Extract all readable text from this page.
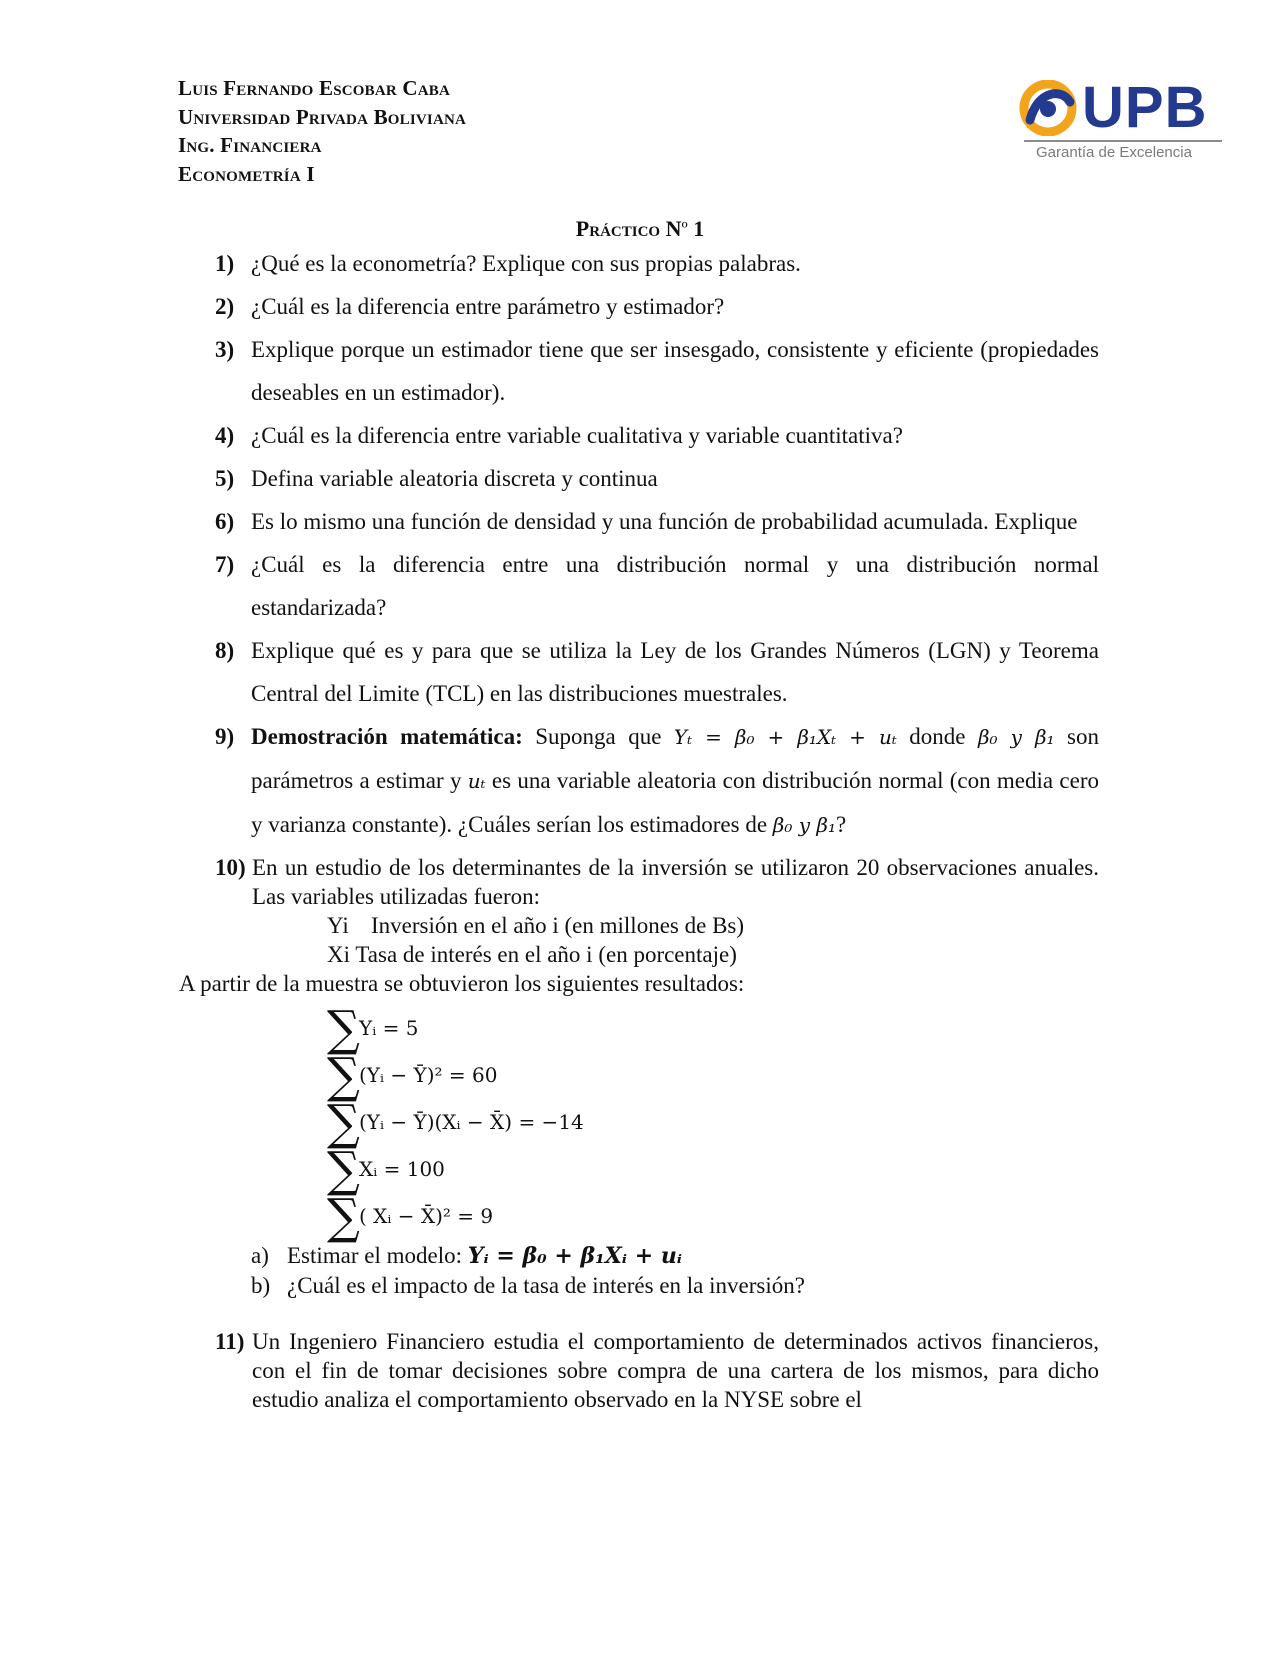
Luis Fernando Escobar Caba
Universidad Privada Boliviana
Ing. Financiera
Econometría I
UPB
Garantía de Excelencia
Práctico $N^o$ 1
1) ¿Qué es la econometría? Explique con sus propias palabras.
2) ¿Cuál es la diferencia entre parámetro y estimador?
3) Explique porque un estimador tiene que ser insesgado, consistente y eficiente (propiedades deseables en un estimador).
4) ¿Cuál es la diferencia entre variable cualitativa y variable cuantitativa?
5) Defina variable aleatoria discreta y continua
6) Es lo mismo una función de densidad y una función de probabilidad acumulada. Explique
7) ¿Cuál es la diferencia entre una distribución normal y una distribución normal estandarizada?
8) Explique qué es y para que se utiliza la Ley de los Grandes Números (LGN) y Teorema Central del Limite (TCL) en las distribuciones muestrales.
9) Demostración matemática: Suponga que Yₜ = β₀ + β₁Xₜ + uₜ donde β₀ y β₁ son parámetros a estimar y uₜ es una variable aleatoria con distribución normal (con media cero y varianza constante). ¿Cuáles serían los estimadores de β₀ y β₁?
10) En un estudio de los determinantes de la inversión se utilizaron 20 observaciones anuales. Las variables utilizadas fueron:
Yi Inversión en el año i (en millones de Bs)
Xi Tasa de interés en el año i (en porcentaje)
A partir de la muestra se obtuvieron los siguientes resultados:
∑ Yᵢ = 5
∑ (Yᵢ − Ȳ)² = 60
∑ (Yᵢ − Ȳ)(Xᵢ − X̄) = −14
∑ Xᵢ = 100
∑ ( Xᵢ − X̄)² = 9
a) Estimar el modelo: Yᵢ = β₀ + β₁Xᵢ + uᵢ
b) ¿Cuál es el impacto de la tasa de interés en la inversión?
11) Un Ingeniero Financiero estudia el comportamiento de determinados activos financieros, con el fin de tomar decisiones sobre compra de una cartera de los mismos, para dicho estudio analiza el comportamiento observado en la NYSE sobre el
